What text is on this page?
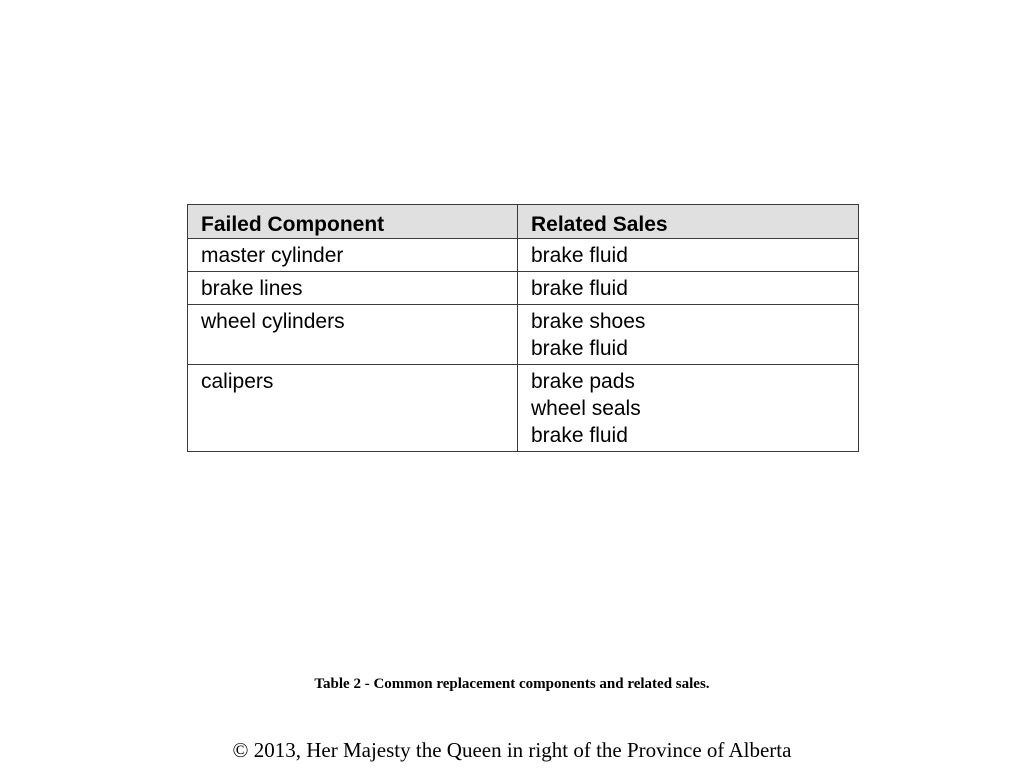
Failed Component	Related Sales
master cylinder	brake fluid

brake lines	brake fluid

wheel cylinders	brake shoes
brake fluid

calipers	brake pads
wheel seals
brake fluid
Table 2 - Common replacement components and related sales.
© 2013, Her Majesty the Queen in right of the Province of Alberta
